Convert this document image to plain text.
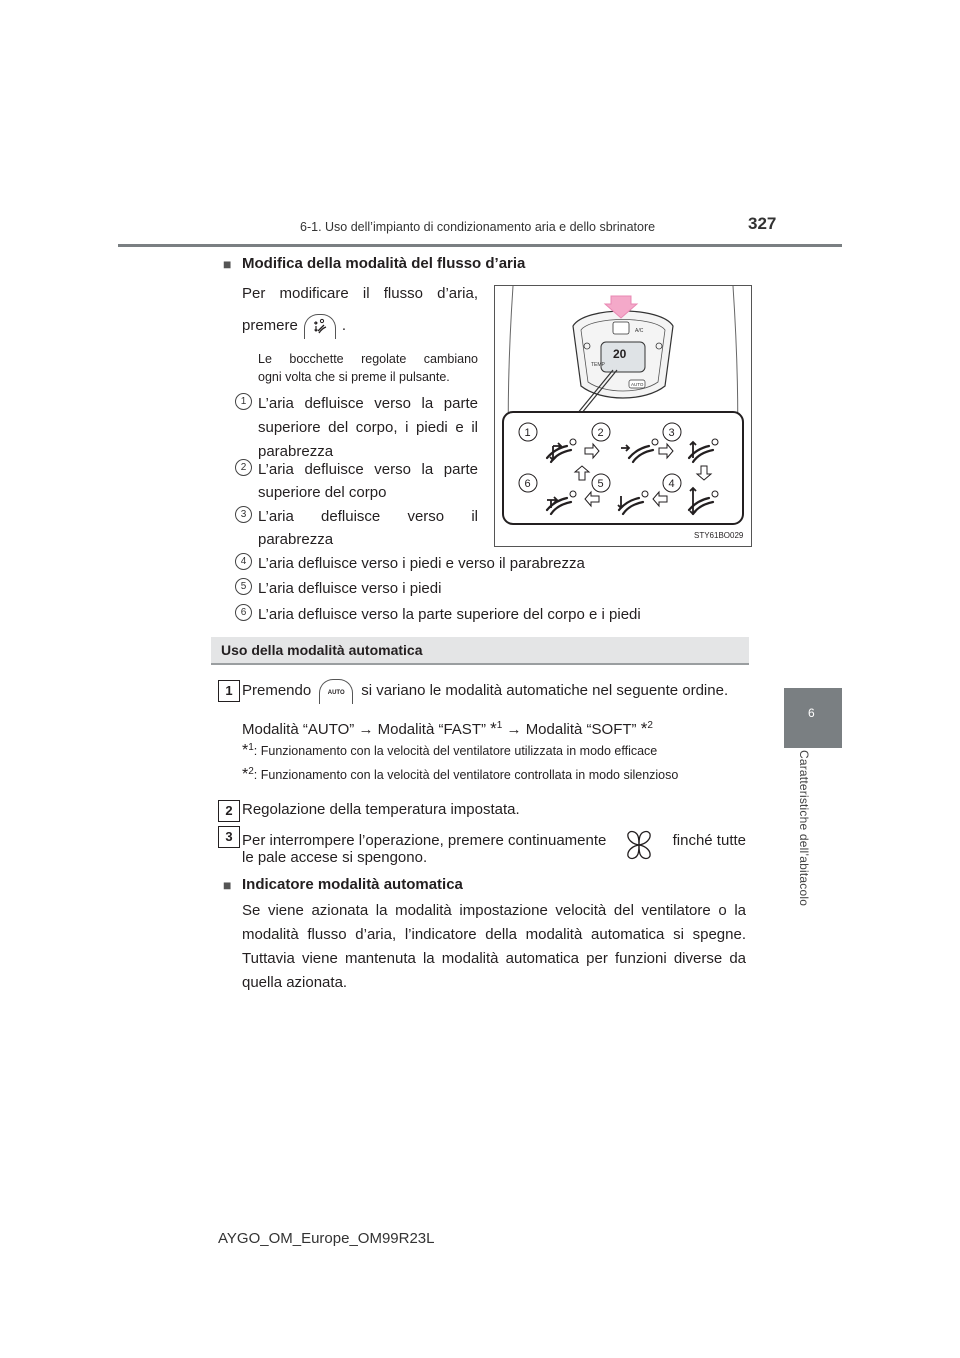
6-1. Uso dell’impianto di condizionamento aria e dello sbrinatore	327
6
Caratteristiche dell’abitacolo
■ Modifica della modalità del flusso d’aria
Per modificare il flusso d’aria,
premere	.
Le bocchette regolate cambiano
ogni volta che si preme il pulsante.
1 L’aria defluisce verso la parte
superiore del corpo, i piedi e il
parabrezza
2 L’aria defluisce verso la parte
superiore del corpo
3 L’aria defluisce verso il
parabrezza
4 L’aria defluisce verso i piedi e verso il parabrezza
5 L’aria defluisce verso i piedi
6 L’aria defluisce verso la parte superiore del corpo e i piedi
20
TEMP
A/C
AUTO
1	2	3
4
5
6
STY61BO029
Uso della modalità automatica
1 Premendo	AUTO	si variano le modalità automatiche nel seguente ordine.
Modalità “AUTO” → Modalità “FAST” *$^1$ → Modalità “SOFT” *$^2$
*$^1$: Funzionamento con la velocità del ventilatore utilizzata in modo efficace
*$^2$: Funzionamento con la velocità del ventilatore controllata in modo silenzioso
2 Regolazione della temperatura impostata.
3 Per interrompere l’operazione, premere continuamente	finché tutte
le pale accese si spengono.
■ Indicatore modalità automatica
Se viene azionata la modalità impostazione velocità del ventilatore o la
modalità flusso d’aria, l’indicatore della modalità automatica si spegne.
Tuttavia viene mantenuta la modalità automatica per funzioni diverse da
quella azionata.
AYGO_OM_Europe_OM99R23L
